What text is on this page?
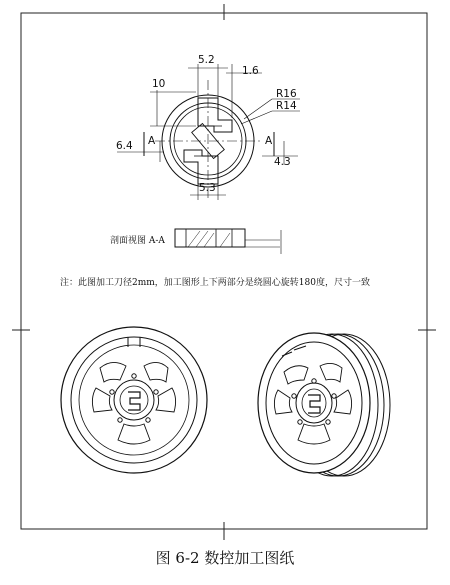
5.2
1.6
10
R16
R14
6.4
4.3
5.3
A	A
剖面视图 A-A
注：此图加工刀径2mm，加工图形上下两部分是绕圆心旋转180度，尺寸一致
图 6-2 数控加工图纸
